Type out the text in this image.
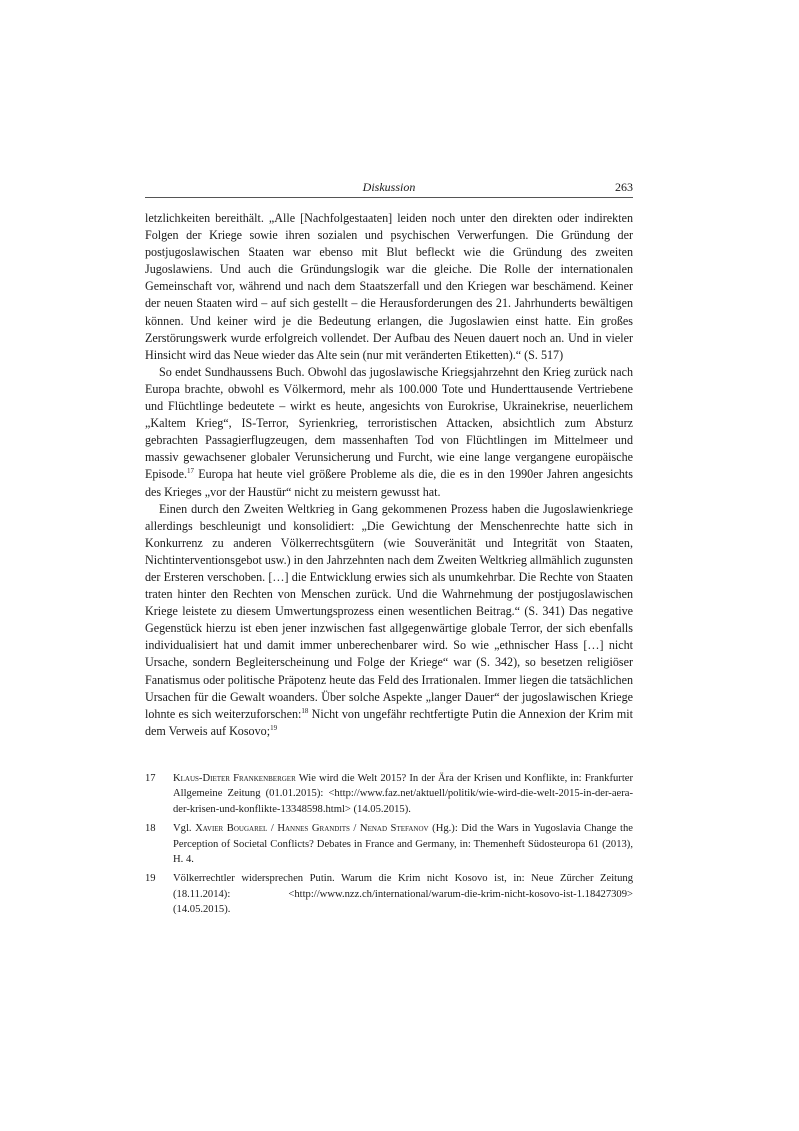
Diskussion	263

letzlichkeiten bereithält. „Alle [Nachfolgestaaten] leiden noch unter den direkten oder indirekten Folgen der Kriege sowie ihren sozialen und psychischen Verwerfungen. Die Gründung der postjugoslawischen Staaten war ebenso mit Blut befleckt wie die Gründung des zweiten Jugoslawiens. Und auch die Gründungslogik war die gleiche. Die Rolle der internationalen Gemeinschaft vor, während und nach dem Staatszerfall und den Kriegen war beschämend. Keiner der neuen Staaten wird – auf sich gestellt – die Herausforderungen des 21. Jahrhunderts bewältigen können. Und keiner wird je die Bedeutung erlangen, die Jugoslawien einst hatte. Ein großes Zerstörungswerk wurde erfolgreich vollendet. Der Aufbau des Neuen dauert noch an. Und in vieler Hinsicht wird das Neue wieder das Alte sein (nur mit veränderten Etiketten).“ (S. 517)

So endet Sundhaussens Buch. Obwohl das jugoslawische Kriegsjahrzehnt den Krieg zurück nach Europa brachte, obwohl es Völkermord, mehr als 100.000 Tote und Hunderttausende Vertriebene und Flüchtlinge bedeutete – wirkt es heute, angesichts von Eurokrise, Ukrainekrise, neuerlichem „Kaltem Krieg“, IS-Terror, Syrienkrieg, terroristischen Attacken, absichtlich zum Absturz gebrachten Passagierflugzeugen, dem massenhaften Tod von Flüchtlingen im Mittelmeer und massiv gewachsener globaler Verunsicherung und Furcht, wie eine lange vergangene europäische Episode.$^{17}$ Europa hat heute viel größere Probleme als die, die es in den 1990er Jahren angesichts des Krieges „vor der Haustür“ nicht zu meistern gewusst hat.

Einen durch den Zweiten Weltkrieg in Gang gekommenen Prozess haben die Jugoslawienkriege allerdings beschleunigt und konsolidiert: „Die Gewichtung der Menschenrechte hatte sich in Konkurrenz zu anderen Völkerrechtsgütern (wie Souveränität und Integrität von Staaten, Nichtinterventionsgebot usw.) in den Jahrzehnten nach dem Zweiten Weltkrieg allmählich zugunsten der Ersteren verschoben. […] die Entwicklung erwies sich als unumkehrbar. Die Rechte von Staaten traten hinter den Rechten von Menschen zurück. Und die Wahrnehmung der postjugoslawischen Kriege leistete zu diesem Umwertungsprozess einen wesentlichen Beitrag.“ (S. 341) Das negative Gegenstück hierzu ist eben jener inzwischen fast allgegenwärtige globale Terror, der sich ebenfalls individualisiert hat und damit immer unberechenbarer wird. So wie „ethnischer Hass […] nicht Ursache, sondern Begleiterscheinung und Folge der Kriege“ war (S. 342), so besetzen religiöser Fanatismus oder politische Präpotenz heute das Feld des Irrationalen. Immer liegen die tatsächlichen Ursachen für die Gewalt woanders. Über solche Aspekte „langer Dauer“ der jugoslawischen Kriege lohnte es sich weiterzuforschen:$^{18}$ Nicht von ungefähr rechtfertigte Putin die Annexion der Krim mit dem Verweis auf Kosovo;$^{19}$

17	Klaus-Dieter Frankenberger Wie wird die Welt 2015? In der Ära der Krisen und Konflikte, in: Frankfurter Allgemeine Zeitung (01.01.2015): <http://www.faz.net/aktuell/politik/wie-wird-die-welt-2015-in-der-aera-der-krisen-und-konflikte-13348598.html> (14.05.2015).
18	Vgl. Xavier Bougarel / Hannes Grandits / Nenad Stefanov (Hg.): Did the Wars in Yugoslavia Change the Perception of Societal Conflicts? Debates in France and Germany, in: Themenheft Südosteuropa 61 (2013), H. 4.
19	Völkerrechtler widersprechen Putin. Warum die Krim nicht Kosovo ist, in: Neue Zürcher Zeitung (18.11.2014): <http://www.nzz.ch/international/warum-die-krim-nicht-kosovo-ist-1.18427309> (14.05.2015).
